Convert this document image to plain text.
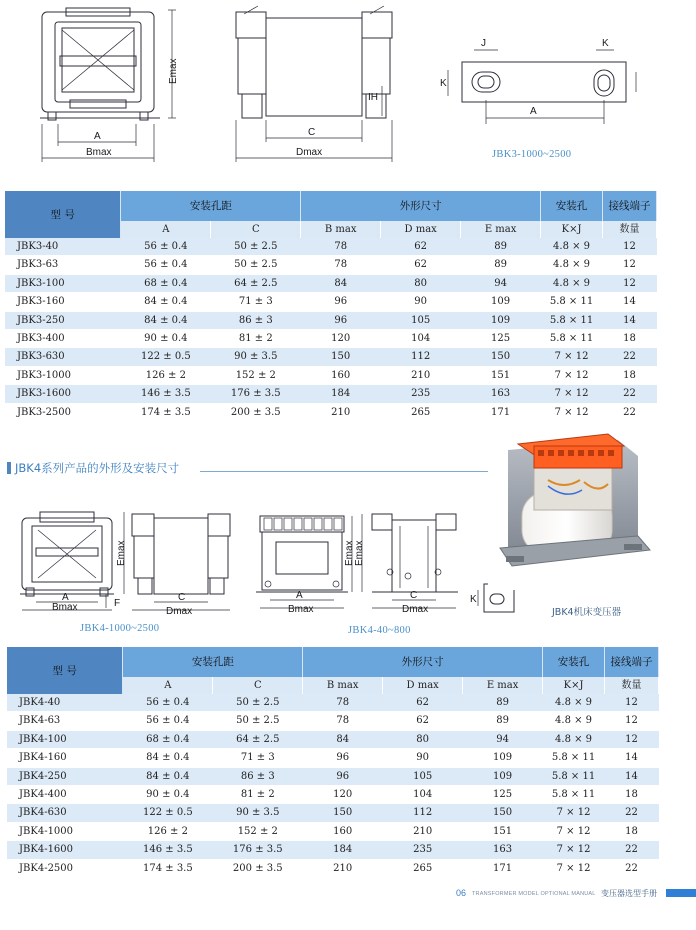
Emax
A
Bmax
IH
C
Dmax
J	K
K
A
JBK3-1000~2500
型 号	安装孔距		外形尺寸			安装孔	接线端子
	A	C	B max	D max	E max	K×J	数量
JBK3-40	56 ± 0.4	50 ± 2.5	78	62	89	4.8 × 9	12
JBK3-63	56 ± 0.4	50 ± 2.5	78	62	89	4.8 × 9	12
JBK3-100	68 ± 0.4	64 ± 2.5	84	80	94	4.8 × 9	12
JBK3-160	84 ± 0.4	71 ± 3	96	90	109	5.8 × 11	14
JBK3-250	84 ± 0.4	86 ± 3	96	105	109	5.8 × 11	14
JBK3-400	90 ± 0.4	81 ± 2	120	104	125	5.8 × 11	18
JBK3-630	122 ± 0.5	90 ± 3.5	150	112	150	7 × 12	22
JBK3-1000	126 ± 2	152 ± 2	160	210	151	7 × 12	18
JBK3-1600	146 ± 3.5	176 ± 3.5	184	235	163	7 × 12	22
JBK3-2500	174 ± 3.5	200 ± 3.5	210	265	171	7 × 12	22
JBK4系列产品的外形及安装尺寸
Emax
A
Bmax	F
C
Dmax
Emax
A
Bmax
Emax
C
Dmax
K
JBK4-1000~2500	JBK4-40~800
JBK4机床变压器
型 号	安装孔距		外形尺寸			安装孔	接线端子
	A	C	B max	D max	E max	K×J	数量
JBK4-40	56 ± 0.4	50 ± 2.5	78	62	89	4.8 × 9	12
JBK4-63	56 ± 0.4	50 ± 2.5	78	62	89	4.8 × 9	12
JBK4-100	68 ± 0.4	64 ± 2.5	84	80	94	4.8 × 9	12
JBK4-160	84 ± 0.4	71 ± 3	96	90	109	5.8 × 11	14
JBK4-250	84 ± 0.4	86 ± 3	96	105	109	5.8 × 11	14
JBK4-400	90 ± 0.4	81 ± 2	120	104	125	5.8 × 11	18
JBK4-630	122 ± 0.5	90 ± 3.5	150	112	150	7 × 12	22
JBK4-1000	126 ± 2	152 ± 2	160	210	151	7 × 12	18
JBK4-1600	146 ± 3.5	176 ± 3.5	184	235	163	7 × 12	22
JBK4-2500	174 ± 3.5	200 ± 3.5	210	265	171	7 × 12	22
06 TRANSFORMER MODEL OPTIONAL MANUAL 变压器选型手册
